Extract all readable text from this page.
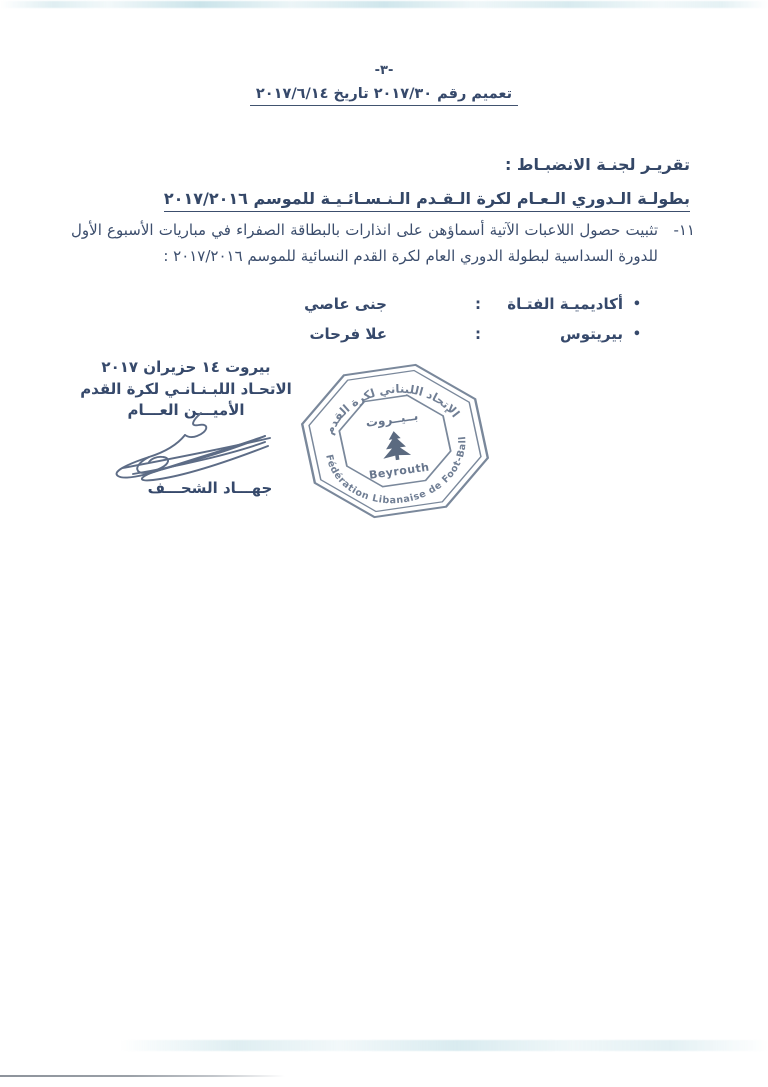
-٣-
تعميم رقم ٢٠١٧/٣٠ تاريخ ٢٠١٧/٦/١٤
تقريـر لجنـة الانضبـاط :
بطولـة الـدوري الـعـام لكرة الـقـدم الـنـسـائـيـة للموسم ٢٠١٧/٢٠١٦
١١-
تثبيت حصول اللاعبات الآتية أسماؤهن على انذارات بالبطاقة الصفراء في مباريات الأسبوع الأول للدورة السداسية لبطولة الدوري العام لكرة القدم النسائية للموسم ٢٠١٧/٢٠١٦ :
•
أكاديميـة الفتـاة
:
جنى عاصي
•
بيريتوس
:
علا فرحات
بيروت ١٤ حزيران ٢٠١٧
الاتحـاد اللبـنـانـي لكرة القدم
الأميـــن العـــام
جهـــاد الشحـــف
الإتحاد اللبناني لكرة القدم
Fédération Libanaise de Foot-Ball
بــيــروت
Beyrouth
